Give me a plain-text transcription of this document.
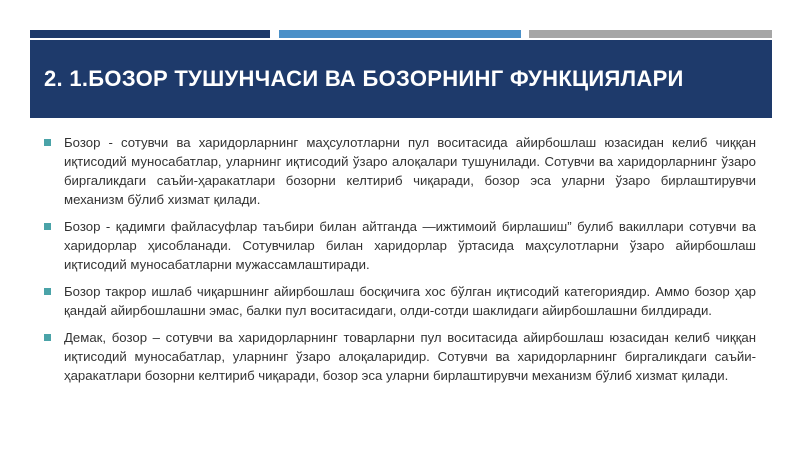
2. 1.БОЗОР ТУШУНЧАСИ ВА БОЗОРНИНГ ФУНКЦИЯЛАРИ
Бозор - сотувчи ва харидорларнинг маҳсулотларни пул воситасида айирбошлаш юзасидан келиб чиққан иқтисодий муносабатлар, уларнинг иқтисодий ўзаро алоқалари тушунилади. Сотувчи ва харидорларнинг ўзаро биргаликдаги саъйи-ҳаракатлари бозорни келтириб чиқаради, бозор эса уларни ўзаро бирлаштирувчи механизм бўлиб хизмат қилади.
Бозор - қадимги файласуфлар таъбири билан айтганда —ижтимоий бирлашиш” булиб вакиллари сотувчи ва харидорлар ҳисобланади. Сотувчилар билан харидорлар ўртасида маҳсулотларни ўзаро айирбошлаш иқтисодий муносабатларни мужассамлаштиради.
Бозор такрор ишлаб чиқаршнинг айирбошлаш босқичига хос бўлган иқтисодий категориядир. Аммо бозор ҳар қандай айирбошлашни эмас, балки пул воситасидаги, олди-сотди шаклидаги айирбошлашни билдиради.
Демак, бозор – сотувчи ва харидорларнинг товарларни пул воситасида айирбошлаш юзасидан келиб чиққан иқтисодий муносабатлар, уларнинг ўзаро алоқаларидир. Сотувчи ва харидорларнинг биргаликдаги саъйи-ҳаракатлари бозорни келтириб чиқаради, бозор эса уларни бирлаштирувчи механизм бўлиб хизмат қилади.
